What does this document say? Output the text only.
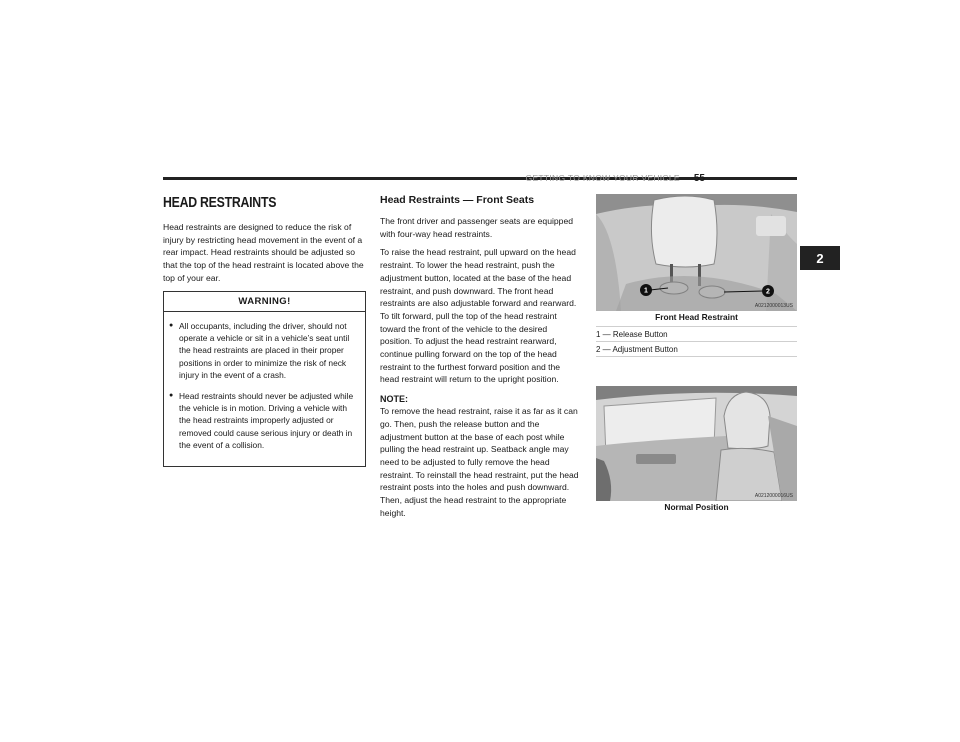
GETTING TO KNOW YOUR VEHICLE 55
2
HEAD RESTRAINTS

Head restraints are designed to reduce the risk of injury by restricting head movement in the event of a rear impact. Head restraints should be adjusted so that the top of the head restraint is located above the top of your ear.

WARNING!
● All occupants, including the driver, should not operate a vehicle or sit in a vehicle’s seat until the head restraints are placed in their proper positions in order to minimize the risk of neck injury in the event of a crash.
● Head restraints should never be adjusted while the vehicle is in motion. Driving a vehicle with the head restraints improperly adjusted or removed could cause serious injury or death in the event of a collision.
Head Restraints — Front Seats

The front driver and passenger seats are equipped with four-way head restraints.

To raise the head restraint, pull upward on the head restraint. To lower the head restraint, push the adjustment button, located at the base of the head restraint, and push downward. The front head restraints are also adjustable forward and rearward. To tilt forward, pull the top of the head restraint toward the front of the vehicle to the desired position. To adjust the head restraint rearward, continue pulling forward on the top of the head restraint to the furthest forward position and the head restraint will return to the upright position.

NOTE:

To remove the head restraint, raise it as far as it can go. Then, push the release button and the adjustment button at the base of each post while pulling the head restraint up. Seatback angle may need to be adjusted to fully remove the head restraint. To reinstall the head restraint, put the head restraint posts into the holes and push downward. Then, adjust the head restraint to the appropriate height.

1	2
A0212000013US
Front Head Restraint
1 — Release Button
2 — Adjustment Button
A0212000016US
Normal Position
